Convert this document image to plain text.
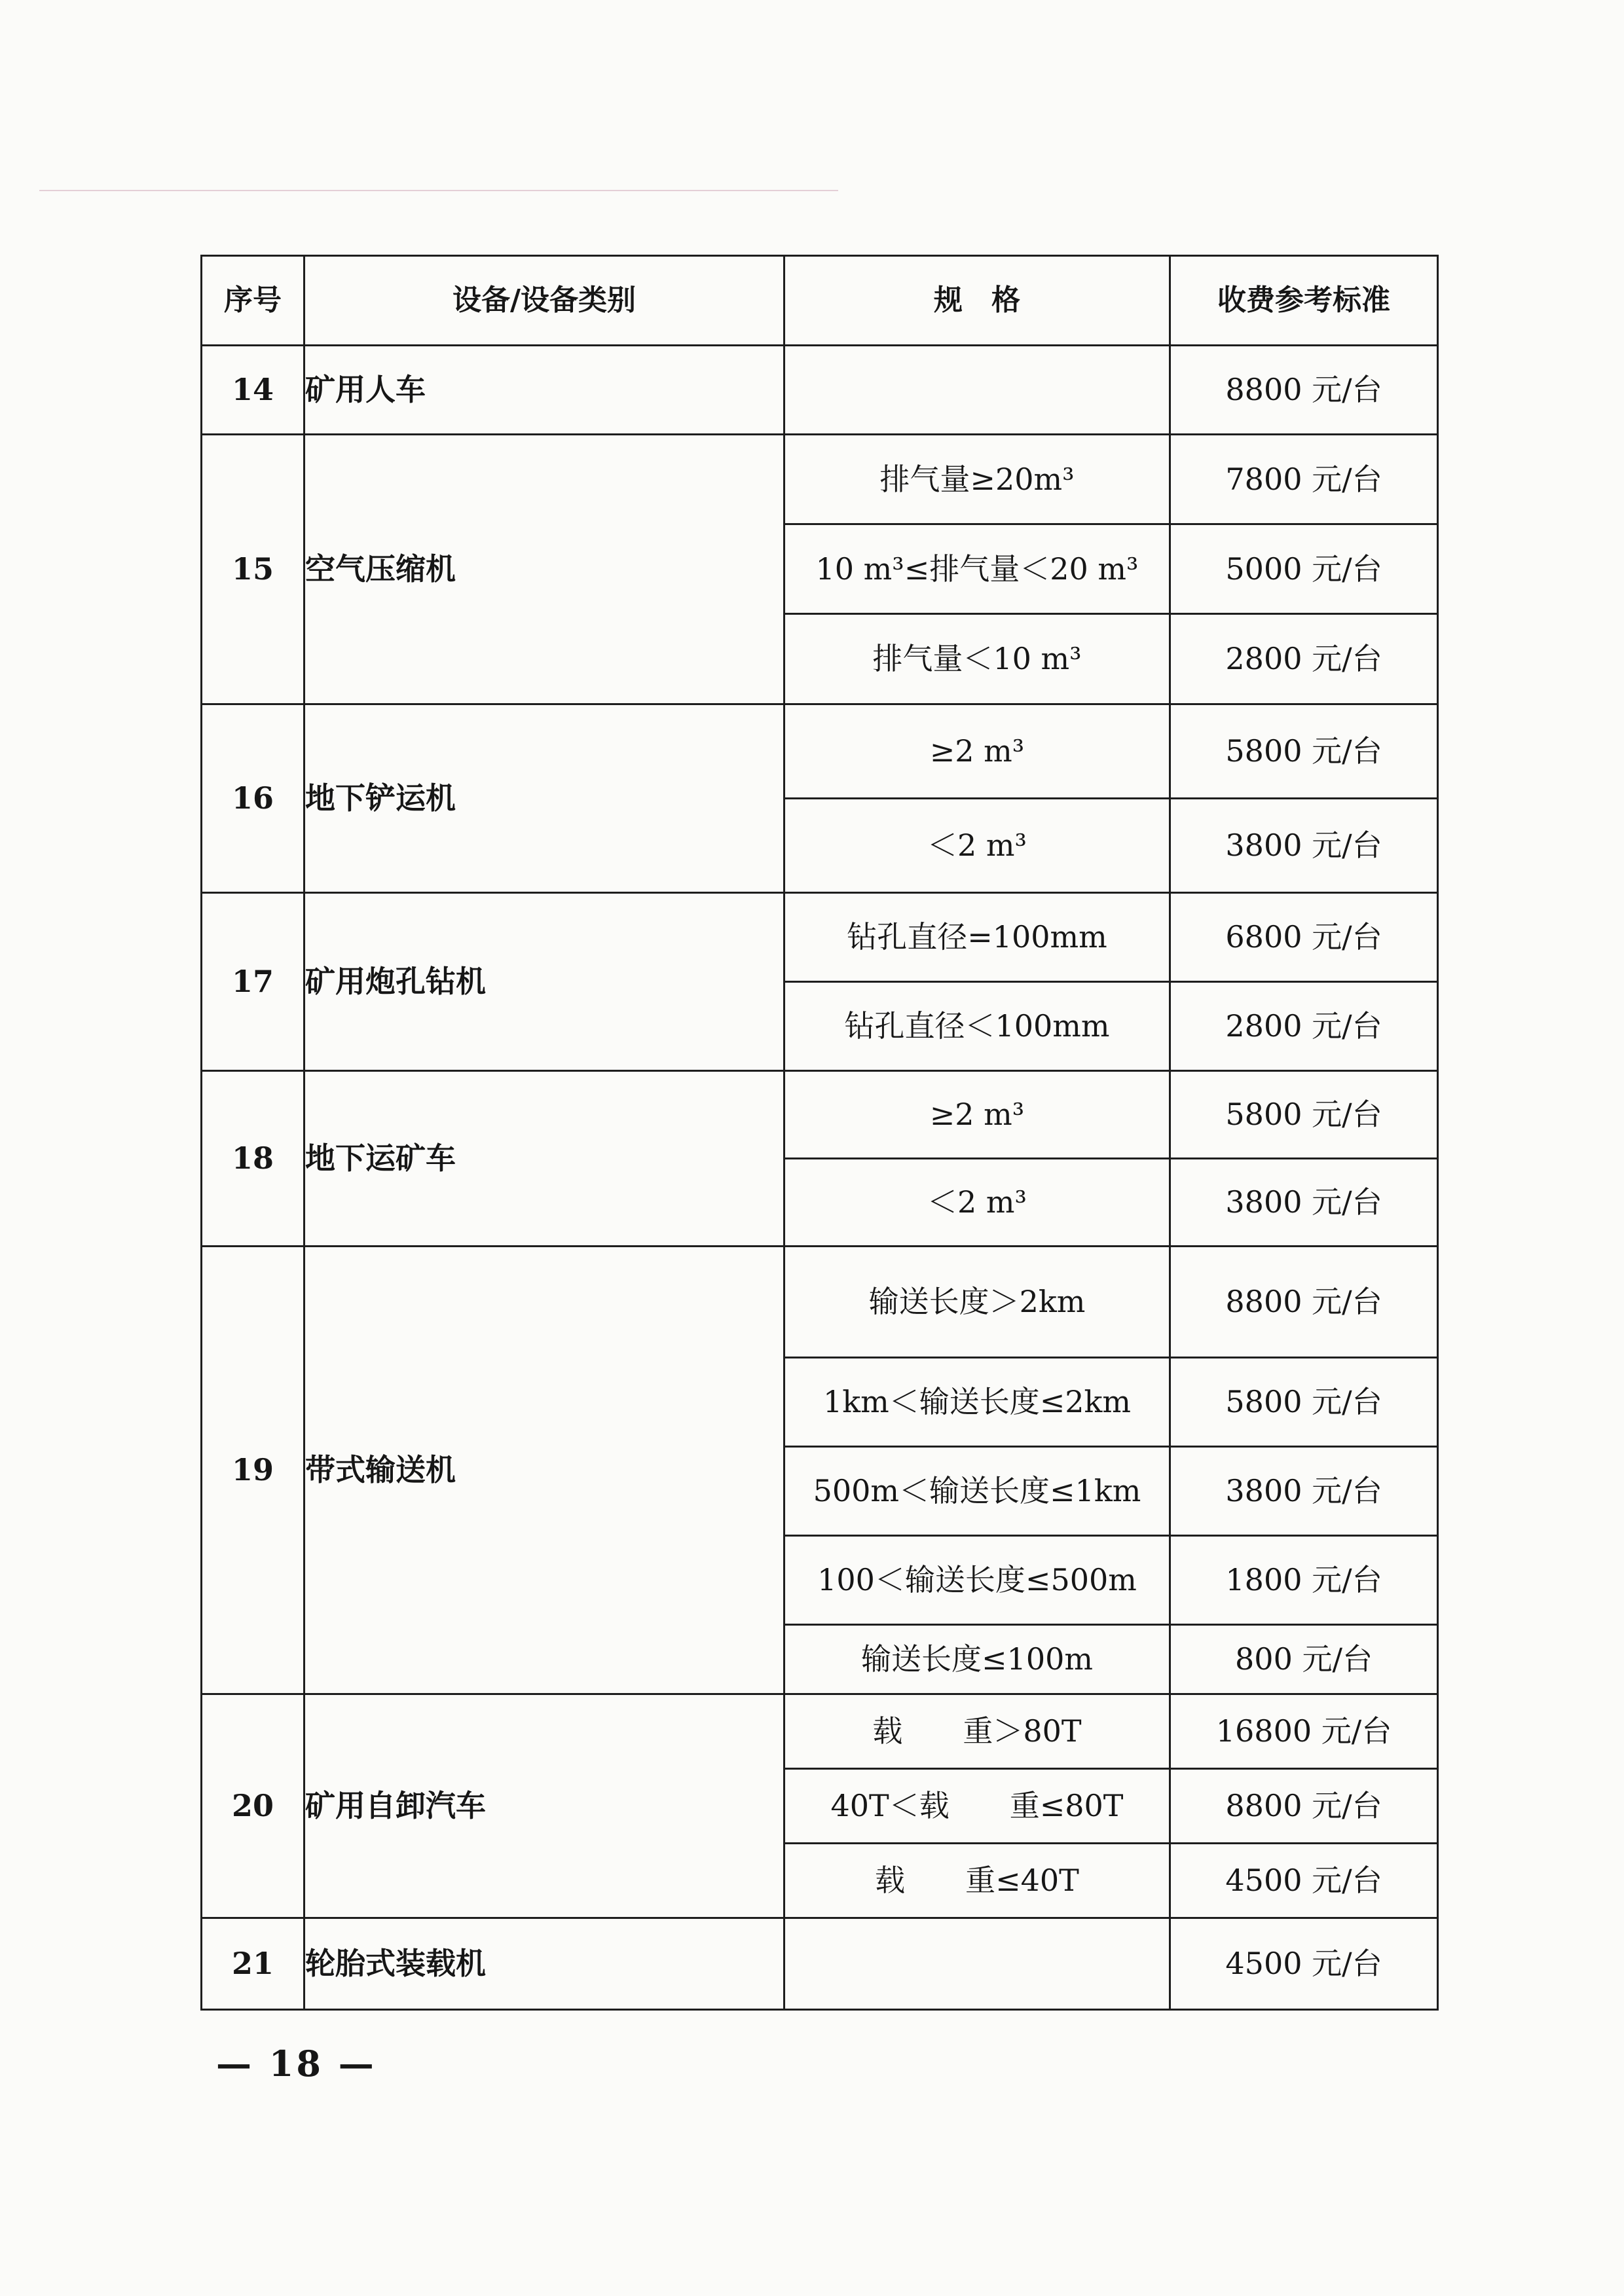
序号	设备/设备类别	规　格	收费参考标准
14	矿用人车		8800 元/台
15	空气压缩机	排气量≥20m³	7800 元/台
		10 m³≤排气量＜20 m³	5000 元/台
		排气量＜10 m³	2800 元/台
16	地下铲运机	≥2 m³	5800 元/台
		＜2 m³	3800 元/台
17	矿用炮孔钻机	钻孔直径=100mm	6800 元/台
		钻孔直径＜100mm	2800 元/台
18	地下运矿车	≥2 m³	5800 元/台
		＜2 m³	3800 元/台
19	带式输送机	输送长度＞2km	8800 元/台
		1km＜输送长度≤2km	5800 元/台
		500m＜输送长度≤1km	3800 元/台
		100＜输送长度≤500m	1800 元/台
		输送长度≤100m	800 元/台
20	矿用自卸汽车	载　　重＞80T	16800 元/台
		40T＜载　　重≤80T	8800 元/台
		载　　重≤40T	4500 元/台
21	轮胎式装载机		4500 元/台
— 18 —
